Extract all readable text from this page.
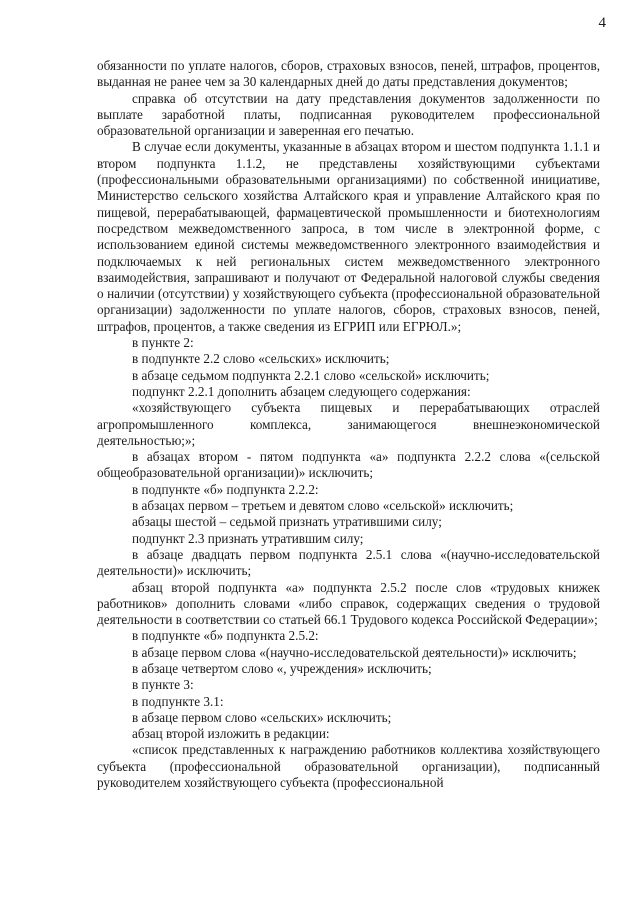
4

обязанности по уплате налогов, сборов, страховых взносов, пеней, штрафов, процентов, выданная не ранее чем за 30 календарных дней до даты представления документов;

справка об отсутствии на дату представления документов задолженности по выплате заработной платы, подписанная руководителем профессиональной образовательной организации и заверенная его печатью.

В случае если документы, указанные в абзацах втором и шестом подпункта 1.1.1 и втором подпункта 1.1.2, не представлены хозяйствующими субъектами (профессиональными образовательными организациями) по собственной инициативе, Министерство сельского хозяйства Алтайского края и управление Алтайского края по пищевой, перерабатывающей, фармацевтической промышленности и биотехнологиям посредством межведомственного запроса, в том числе в электронной форме, с использованием единой системы межведомственного электронного взаимодействия и подключаемых к ней региональных систем межведомственного электронного взаимодействия, запрашивают и получают от Федеральной налоговой службы сведения о наличии (отсутствии) у хозяйствующего субъекта (профессиональной образовательной организации) задолженности по уплате налогов, сборов, страховых взносов, пеней, штрафов, процентов, а также сведения из ЕГРИП или ЕГРЮЛ.»;

в пункте 2:

в подпункте 2.2 слово «сельских» исключить;

в абзаце седьмом подпункта 2.2.1 слово «сельской» исключить;

подпункт 2.2.1 дополнить абзацем следующего содержания:

«хозяйствующего субъекта пищевых и перерабатывающих отраслей агропромышленного комплекса, занимающегося внешнеэкономической деятельностью;»;

в абзацах втором - пятом подпункта «а» подпункта 2.2.2 слова «(сельской общеобразовательной организации)» исключить;

в подпункте «б» подпункта 2.2.2:

в абзацах первом – третьем и девятом слово «сельской» исключить;

абзацы шестой – седьмой признать утратившими силу;

подпункт 2.3 признать утратившим силу;

в абзаце двадцать первом подпункта 2.5.1 слова «(научно-исследовательской деятельности)» исключить;

абзац второй подпункта «а» подпункта 2.5.2 после слов «трудовых книжек работников» дополнить словами «либо справок, содержащих сведения о трудовой деятельности в соответствии со статьей 66.1 Трудового кодекса Российской Федерации»;

в подпункте «б» подпункта 2.5.2:

в абзаце первом слова «(научно-исследовательской деятельности)» исключить;

в абзаце четвертом слово «, учреждения» исключить;

в пункте 3:

в подпункте 3.1:

в абзаце первом слово «сельских» исключить;

абзац второй изложить в редакции:

«список представленных к награждению работников коллектива хозяйствующего субъекта (профессиональной образовательной организации), подписанный руководителем хозяйствующего субъекта (профессиональной
